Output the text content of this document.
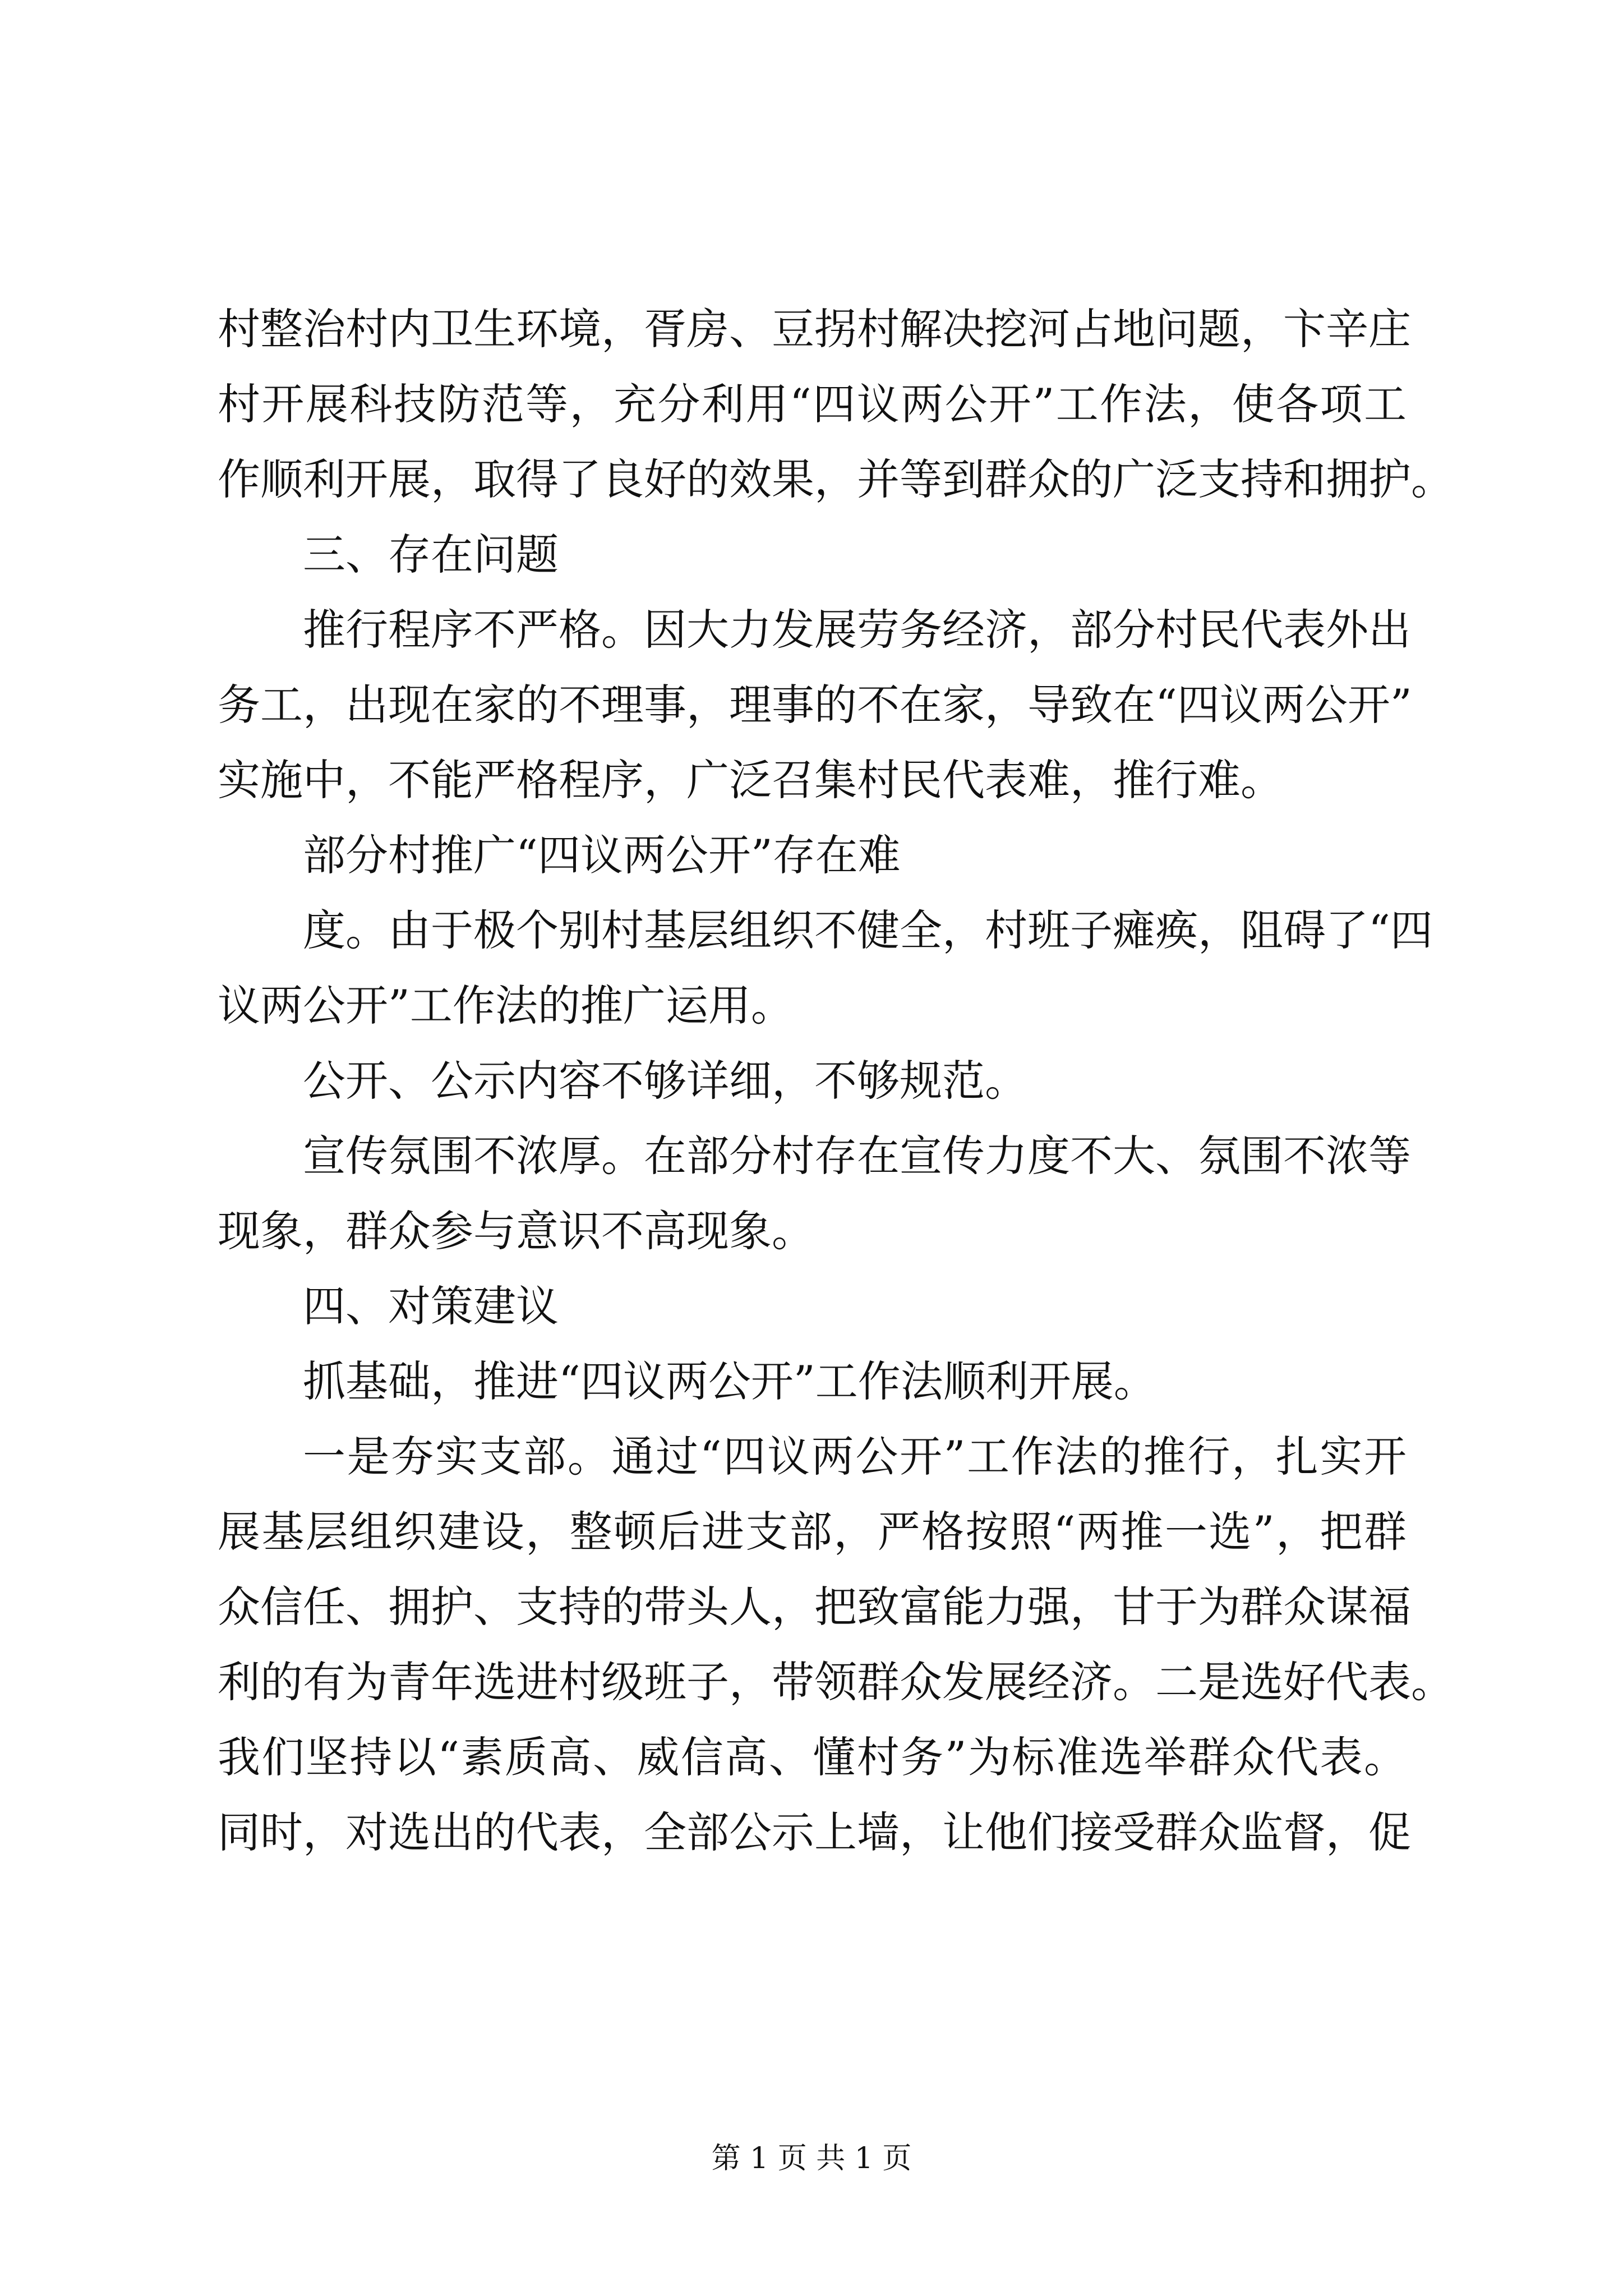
村整治村内卫生环境，胥房、豆拐村解决挖河占地问题，卞辛庄
村开展科技防范等，充分利用“四议两公开”工作法，使各项工
作顺利开展，取得了良好的效果，并等到群众的广泛支持和拥护。
三、存在问题
推行程序不严格。因大力发展劳务经济，部分村民代表外出
务工，出现在家的不理事，理事的不在家，导致在“四议两公开”
实施中，不能严格程序，广泛召集村民代表难，推行难。
部分村推广“四议两公开”存在难
度。由于极个别村基层组织不健全，村班子瘫痪，阻碍了“四
议两公开”工作法的推广运用。
公开、公示内容不够详细，不够规范。
宣传氛围不浓厚。在部分村存在宣传力度不大、氛围不浓等
现象，群众参与意识不高现象。
四、对策建议
抓基础，推进“四议两公开”工作法顺利开展。
一是夯实支部。通过“四议两公开”工作法的推行，扎实开
展基层组织建设，整顿后进支部，严格按照“两推一选”，把群
众信任、拥护、支持的带头人，把致富能力强，甘于为群众谋福
利的有为青年选进村级班子，带领群众发展经济。二是选好代表。
我们坚持以“素质高、威信高、懂村务”为标准选举群众代表。
同时，对选出的代表，全部公示上墙，让他们接受群众监督，促
第 1 页 共 1 页
